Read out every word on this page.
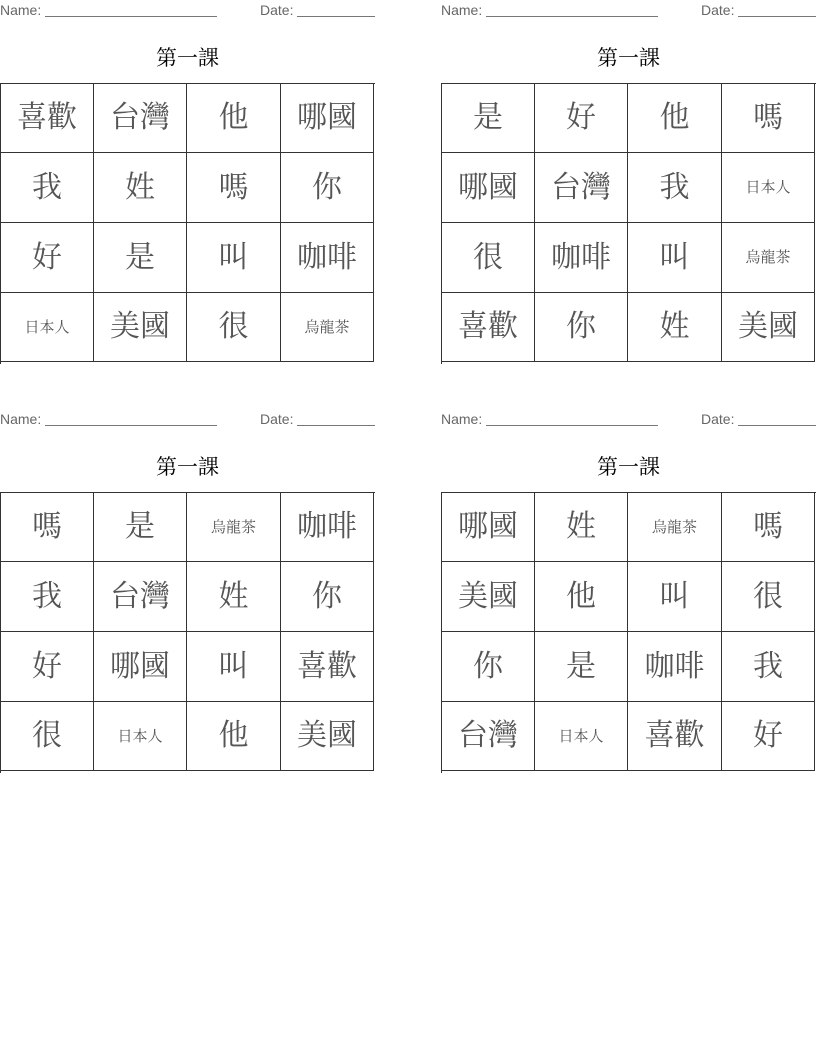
Name:	Date:
第一課
喜歡	台灣	他	哪國
我	姓	嗎	你
好	是	叫	咖啡
日本人	美國	很	烏龍茶
Name:	Date:
第一課
是	好	他	嗎
哪國	台灣	我	日本人
很	咖啡	叫	烏龍茶
喜歡	你	姓	美國
Name:	Date:
第一課
嗎	是	烏龍茶	咖啡
我	台灣	姓	你
好	哪國	叫	喜歡
很	日本人	他	美國
Name:	Date:
第一課
哪國	姓	烏龍茶	嗎
美國	他	叫	很
你	是	咖啡	我
台灣	日本人	喜歡	好
